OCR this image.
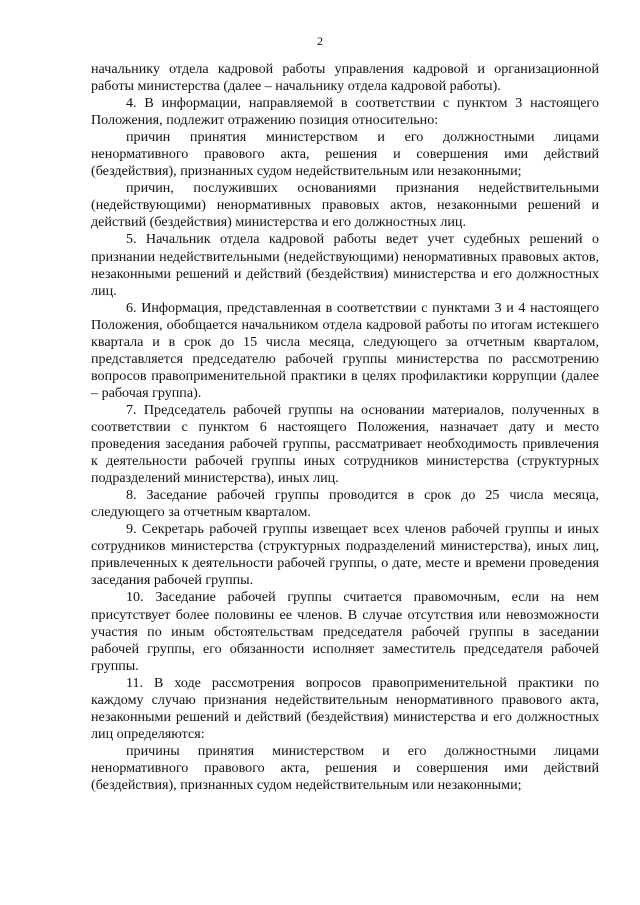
2

начальнику отдела кадровой работы управления кадровой и организационной работы министерства (далее – начальнику отдела кадровой работы).

4. В информации, направляемой в соответствии с пунктом 3 настоящего Положения, подлежит отражению позиция относительно:

причин принятия министерством и его должностными лицами ненормативного правового акта, решения и совершения ими действий (бездействия), признанных судом недействительным или незаконными;

причин, послуживших основаниями признания недействительными (недействующими) ненормативных правовых актов, незаконными решений и действий (бездействия) министерства и его должностных лиц.

5. Начальник отдела кадровой работы ведет учет судебных решений о признании недействительными (недействующими) ненормативных правовых актов, незаконными решений и действий (бездействия) министерства и его должностных лиц.

6. Информация, представленная в соответствии с пунктами 3 и 4 настоящего Положения, обобщается начальником отдела кадровой работы по итогам истекшего квартала и в срок до 15 числа месяца, следующего за отчетным кварталом, представляется председателю рабочей группы министерства по рассмотрению вопросов правоприменительной практики в целях профилактики коррупции (далее – рабочая группа).

7. Председатель рабочей группы на основании материалов, полученных в соответствии с пунктом 6 настоящего Положения, назначает дату и место проведения заседания рабочей группы, рассматривает необходимость привлечения к деятельности рабочей группы иных сотрудников министерства (структурных подразделений министерства), иных лиц.

8. Заседание рабочей группы проводится в срок до 25 числа месяца, следующего за отчетным кварталом.

9. Секретарь рабочей группы извещает всех членов рабочей группы и иных сотрудников министерства (структурных подразделений министерства), иных лиц, привлеченных к деятельности рабочей группы, о дате, месте и времени проведения заседания рабочей группы.

10. Заседание рабочей группы считается правомочным, если на нем присутствует более половины ее членов. В случае отсутствия или невозможности участия по иным обстоятельствам председателя рабочей группы в заседании рабочей группы, его обязанности исполняет заместитель председателя рабочей группы.

11. В ходе рассмотрения вопросов правоприменительной практики по каждому случаю признания недействительным ненормативного правового акта, незаконными решений и действий (бездействия) министерства и его должностных лиц определяются:

причины принятия министерством и его должностными лицами ненормативного правового акта, решения и совершения ими действий (бездействия), признанных судом недействительным или незаконными;
